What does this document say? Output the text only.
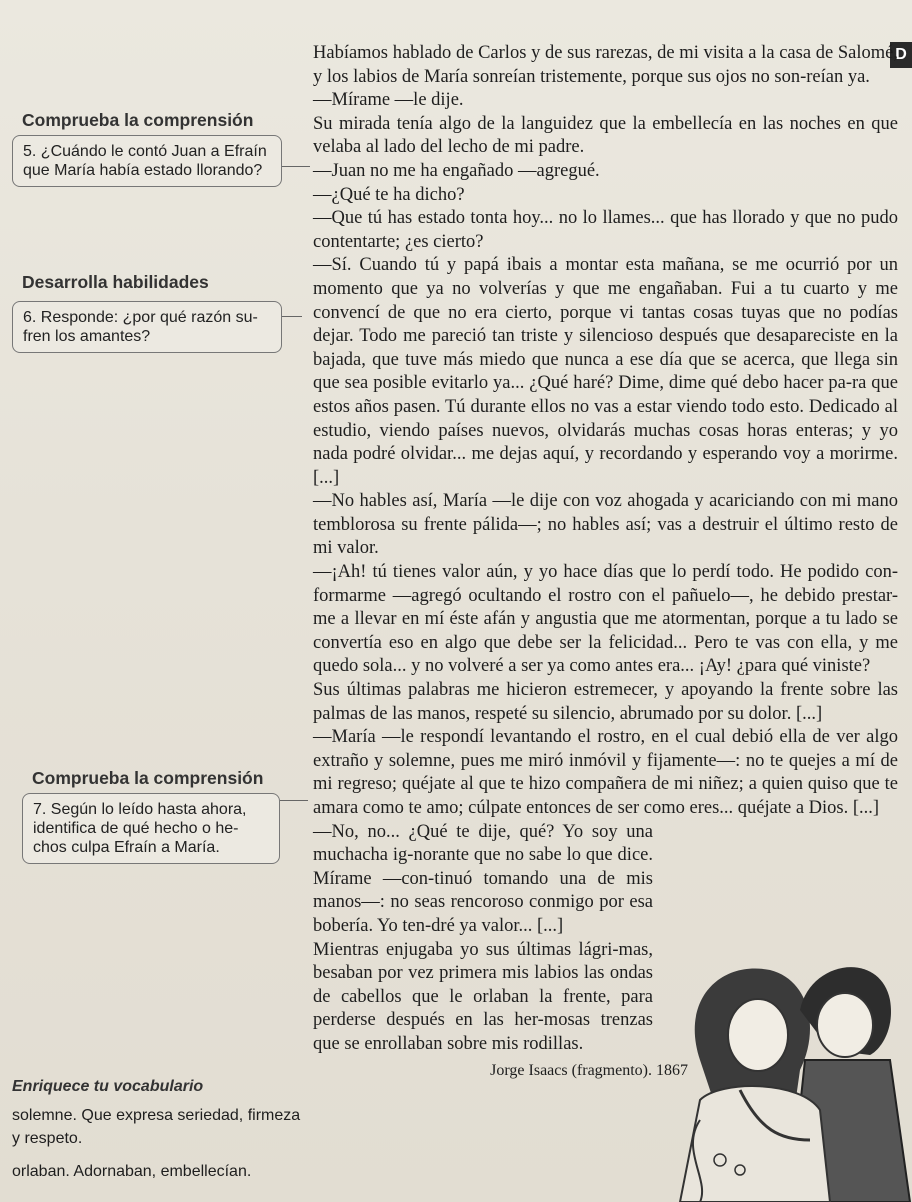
D

Habíamos hablado de Carlos y de sus rarezas, de mi visita a la casa de Salomé, y los labios de María sonreían tristemente, porque sus ojos no son-reían ya.

—Mírame —le dije.

Su mirada tenía algo de la languidez que la embellecía en las noches en que velaba al lado del lecho de mi padre.

—Juan no me ha engañado —agregué.

—¿Qué te ha dicho?

—Que tú has estado tonta hoy... no lo llames... que has llorado y que no pudo contentarte; ¿es cierto?

—Sí. Cuando tú y papá ibais a montar esta mañana, se me ocurrió por un momento que ya no volverías y que me engañaban. Fui a tu cuarto y me convencí de que no era cierto, porque vi tantas cosas tuyas que no podías dejar. Todo me pareció tan triste y silencioso después que desapareciste en la bajada, que tuve más miedo que nunca a ese día que se acerca, que llega sin que sea posible evitarlo ya... ¿Qué haré? Dime, dime qué debo hacer pa-ra que estos años pasen. Tú durante ellos no vas a estar viendo todo esto. Dedicado al estudio, viendo países nuevos, olvidarás muchas cosas horas enteras; y yo nada podré olvidar... me dejas aquí, y recordando y esperando voy a morirme. [...]

—No hables así, María —le dije con voz ahogada y acariciando con mi mano temblorosa su frente pálida—; no hables así; vas a destruir el último resto de mi valor.

—¡Ah! tú tienes valor aún, y yo hace días que lo perdí todo. He podido con-formarme —agregó ocultando el rostro con el pañuelo—, he debido prestar-me a llevar en mí éste afán y angustia que me atormentan, porque a tu lado se convertía eso en algo que debe ser la felicidad... Pero te vas con ella, y me quedo sola... y no volveré a ser ya como antes era... ¡Ay! ¿para qué viniste?

Sus últimas palabras me hicieron estremecer, y apoyando la frente sobre las palmas de las manos, respeté su silencio, abrumado por su dolor. [...]

—María —le respondí levantando el rostro, en el cual debió ella de ver algo extraño y solemne, pues me miró inmóvil y fijamente—: no te quejes a mí de mi regreso; quéjate al que te hizo compañera de mi niñez; a quien quiso que te amara como te amo; cúlpate entonces de ser como eres... quéjate a Dios. [...]

—No, no... ¿Qué te dije, qué? Yo soy una muchacha ig-norante que no sabe lo que dice. Mírame —con-tinuó tomando una de mis manos—: no seas rencoroso conmigo por esa bobería. Yo ten-dré ya valor... [...]

Mientras enjugaba yo sus últimas lágri-mas, besaban por vez primera mis labios las ondas de cabellos que le orlaban la frente, para perderse después en las her-mosas trenzas que se enrollaban sobre mis rodillas.

Jorge Isaacs (fragmento). 1867

Comprueba la comprensión
5. ¿Cuándo le contó Juan a Efraín que María había estado llorando?
Desarrolla habilidades
6. Responde: ¿por qué razón su-fren los amantes?
Comprueba la comprensión
7. Según lo leído hasta ahora, identifica de qué hecho o he-chos culpa Efraín a María.
Enriquece tu vocabulario
solemne. Que expresa seriedad, firmeza y respeto.
orlaban. Adornaban, embellecían.
